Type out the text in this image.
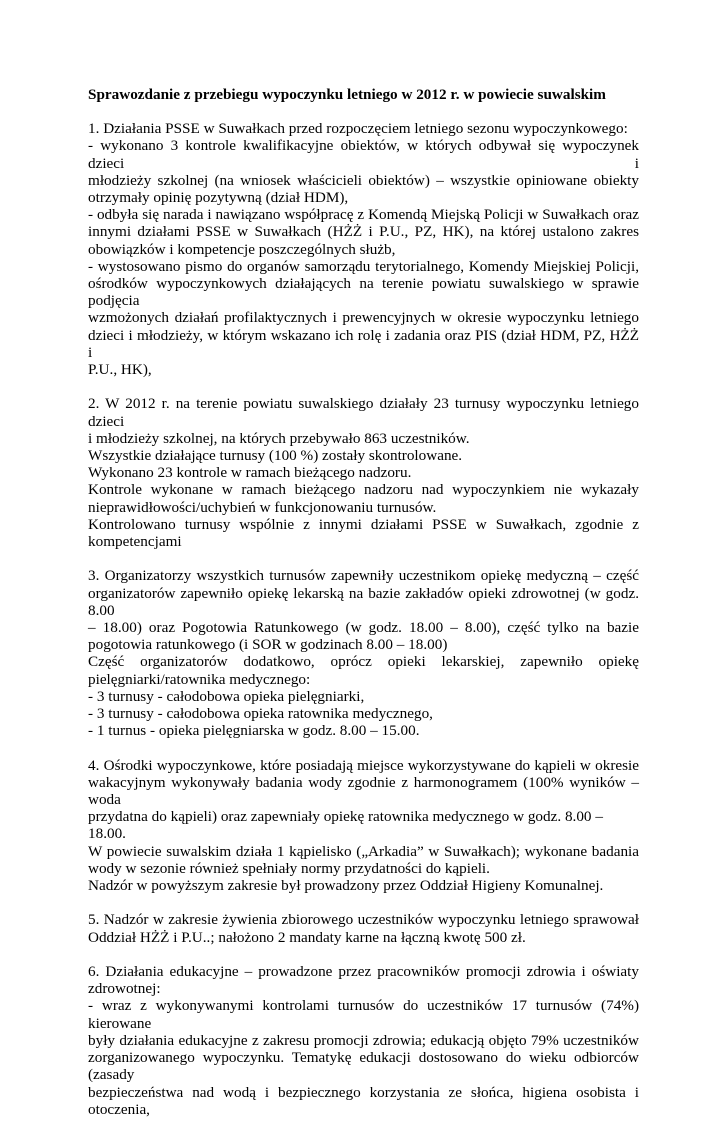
Sprawozdanie z przebiegu wypoczynku letniego w 2012 r. w powiecie suwalskim

1. Działania PSSE w Suwałkach przed rozpoczęciem letniego sezonu wypoczynkowego:

- wykonano 3 kontrole kwalifikacyjne obiektów, w których odbywał się wypoczynek dzieci i

młodzieży szkolnej (na wniosek właścicieli obiektów) – wszystkie opiniowane obiekty

otrzymały opinię pozytywną (dział HDM),

- odbyła się narada i nawiązano współpracę z Komendą Miejską Policji w Suwałkach oraz

innymi działami PSSE w Suwałkach (HŻŻ i P.U., PZ, HK), na której ustalono zakres

obowiązków i kompetencje poszczególnych służb,

- wystosowano pismo do organów samorządu terytorialnego, Komendy Miejskiej Policji,

ośrodków wypoczynkowych działających na terenie powiatu suwalskiego w sprawie podjęcia

wzmożonych działań profilaktycznych i prewencyjnych w okresie wypoczynku letniego

dzieci i młodzieży, w którym wskazano ich rolę i zadania oraz PIS (dział HDM, PZ, HŻŻ i

P.U., HK),

2. W 2012 r. na terenie powiatu suwalskiego działały 23 turnusy wypoczynku letniego dzieci

i młodzieży szkolnej, na których przebywało 863 uczestników.

Wszystkie działające turnusy (100 %) zostały skontrolowane.

Wykonano 23 kontrole w ramach bieżącego nadzoru.

Kontrole wykonane w ramach bieżącego nadzoru nad wypoczynkiem nie wykazały

nieprawidłowości/uchybień w funkcjonowaniu turnusów.

Kontrolowano turnusy wspólnie z innymi działami PSSE w Suwałkach, zgodnie z

kompetencjami

3. Organizatorzy wszystkich turnusów zapewniły uczestnikom opiekę medyczną – część

organizatorów zapewniło opiekę lekarską na bazie zakładów opieki zdrowotnej (w godz. 8.00

– 18.00) oraz Pogotowia Ratunkowego (w godz. 18.00 – 8.00), część tylko na bazie

pogotowia ratunkowego (i SOR w godzinach 8.00 – 18.00)

Część organizatorów dodatkowo, oprócz opieki lekarskiej, zapewniło opiekę

pielęgniarki/ratownika medycznego:

- 3 turnusy - całodobowa opieka pielęgniarki,

- 3 turnusy - całodobowa opieka ratownika medycznego,

- 1 turnus - opieka pielęgniarska w godz. 8.00 – 15.00.

4. Ośrodki wypoczynkowe, które posiadają miejsce wykorzystywane do kąpieli w okresie

wakacyjnym wykonywały badania wody zgodnie z harmonogramem (100% wyników – woda

przydatna do kąpieli) oraz zapewniały opiekę ratownika medycznego w godz. 8.00 – 18.00.

W powiecie suwalskim działa 1 kąpielisko („Arkadia” w Suwałkach); wykonane badania

wody w sezonie również spełniały normy przydatności do kąpieli.

Nadzór w powyższym zakresie był prowadzony przez Oddział Higieny Komunalnej.

5. Nadzór w zakresie żywienia zbiorowego uczestników wypoczynku letniego sprawował

Oddział HŻŻ i P.U..; nałożono 2 mandaty karne na łączną kwotę 500 zł.

6. Działania edukacyjne – prowadzone przez pracowników promocji zdrowia i oświaty

zdrowotnej:

- wraz z wykonywanymi kontrolami turnusów do uczestników 17 turnusów (74%) kierowane

były działania edukacyjne z zakresu promocji zdrowia; edukacją objęto 79% uczestników

zorganizowanego wypoczynku. Tematykę edukacji dostosowano do wieku odbiorców (zasady

bezpieczeństwa nad wodą i bezpiecznego korzystania ze słońca, higiena osobista i otoczenia,
